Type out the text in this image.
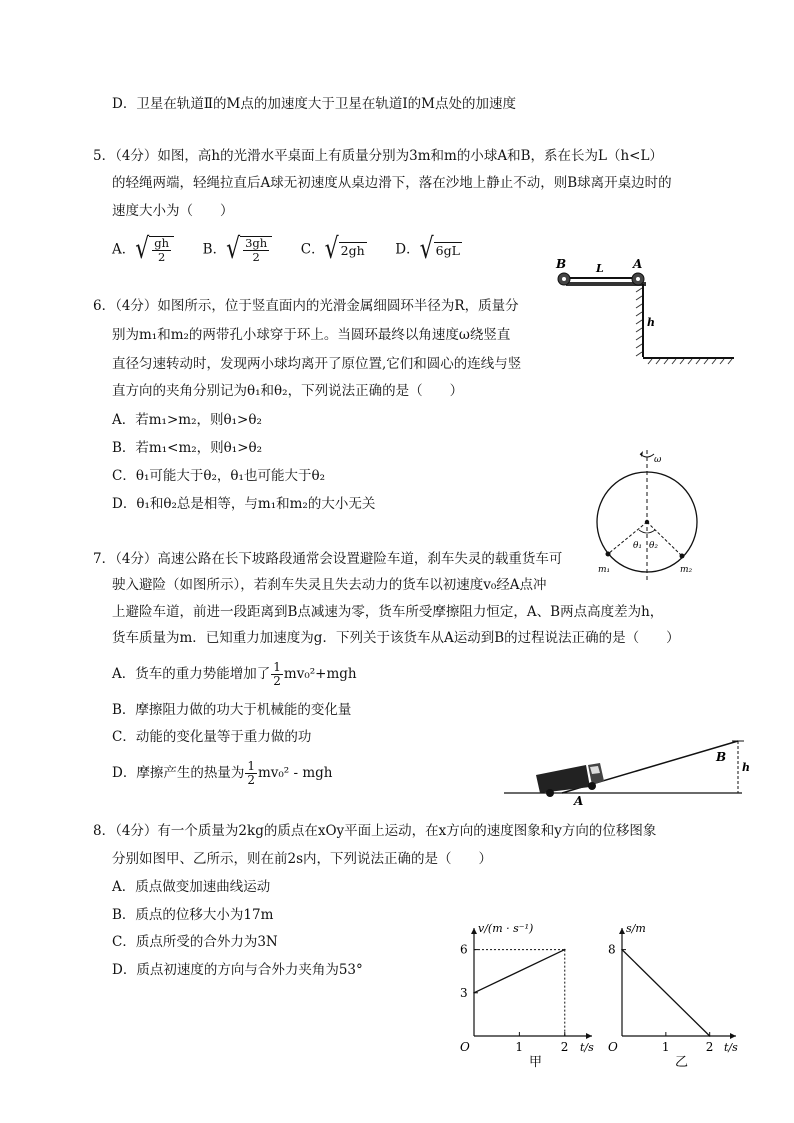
D．卫星在轨道Ⅱ的M点的加速度大于卫星在轨道Ⅰ的M点处的加速度
5．（4分）如图，高h的光滑水平桌面上有质量分别为3m和m的小球A和B，系在长为L（h<L）
的轻绳两端，轻绳拉直后A球无初速度从桌边滑下，落在沙地上静止不动，则B球离开桌边时的
速度大小为（　　）
A． √ $\frac{gh}{2}$ B． √ $\frac{3gh}{2}$ C． √ 2gh D． √ 6gL
B	L A
h
6．（4分）如图所示，位于竖直面内的光滑金属细圆环半径为R，质量分
别为m₁和m₂的两带孔小球穿于环上。当圆环最终以角速度ω绕竖直
直径匀速转动时，发现两小球均离开了原位置,它们和圆心的连线与竖
直方向的夹角分别记为θ₁和θ₂，下列说法正确的是（　　）
A．若m₁>m₂，则θ₁>θ₂
B．若m₁<m₂，则θ₁>θ₂
C．θ₁可能大于θ₂，θ₁也可能大于θ₂
D．θ₁和θ₂总是相等，与m₁和m₂的大小无关
ω
θ₁ θ₂
m₁	m₂
7．（4分）高速公路在长下坡路段通常会设置避险车道，刹车失灵的载重货车可
驶入避险（如图所示），若刹车失灵且失去动力的货车以初速度v₀经A点冲
上避险车道，前进一段距离到B点减速为零，货车所受摩擦阻力恒定，A、B两点高度差为h，
货车质量为m．已知重力加速度为g．下列关于该货车从A运动到B的过程说法正确的是（　　）
A．货车的重力势能增加了 $\frac{1}{2} mv_0^2+mgh$
B．摩擦阻力做的功大于机械能的变化量
C．动能的变化量等于重力做的功
D．摩擦产生的热量为 $\frac{1}{2} mv_0^2$ - mgh
A
B
h
8．（4分）有一个质量为2kg的质点在xOy平面上运动，在x方向的速度图象和y方向的位移图象
分别如图甲、乙所示，则在前2s内，下列说法正确的是（　　）
A．质点做变加速曲线运动
B．质点的位移大小为17m
C．质点所受的合外力为3N
D．质点初速度的方向与合外力夹角为53°
O	1	2
3
6
v/(m · s⁻¹)
t/s
甲
O	1	2
8
s/m
t/s
乙
